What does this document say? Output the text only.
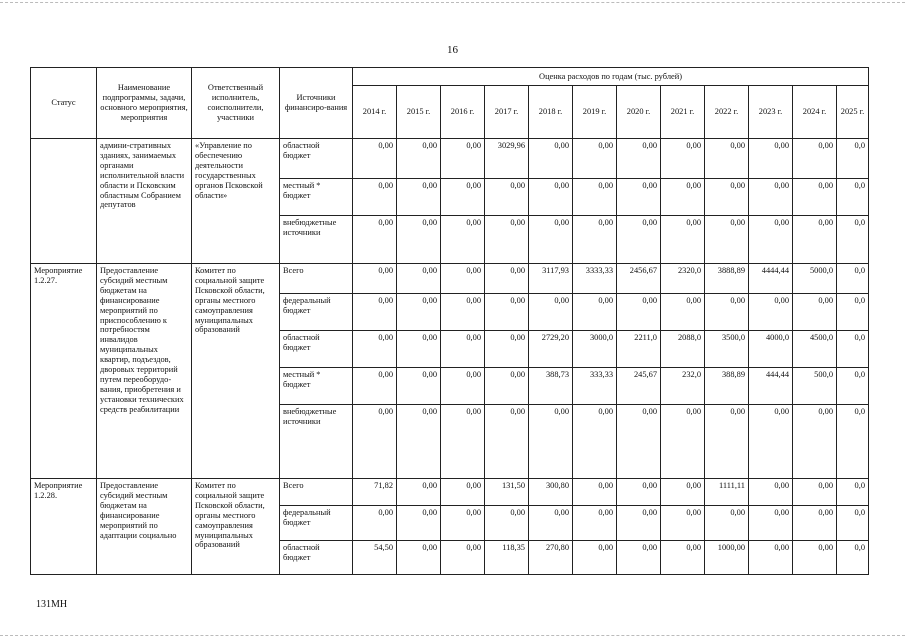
16
Статус	Наименование подпрограммы, задачи, основного мероприятия, мероприятия	Ответственный исполнитель, соисполнители, участники	Источники финансиро-вания	Оценка расходов по годам (тыс. рублей)											
				2014 г.	2015 г.	2016 г.	2017 г.	2018 г.	2019 г.	2020 г.	2021 г.	2022 г.	2023 г.	2024 г.	2025 г.
	админи-стративных зданиях, занимаемых органами исполнительной власти области и Псковским областным Собранием депутатов	«Управление по обеспечению деятельности государственных органов Псковской области»	областной бюджет	0,00	0,00	0,00	3029,96	0,00	0,00	0,00	0,00	0,00	0,00	0,00	0,0
			местный * бюджет	0,00	0,00	0,00	0,00	0,00	0,00	0,00	0,00	0,00	0,00	0,00	0,0
			внебюджетные источники	0,00	0,00	0,00	0,00	0,00	0,00	0,00	0,00	0,00	0,00	0,00	0,0
Мероприятие 1.2.27.	Предоставление субсидий местным бюджетам на финансирование мероприятий по приспособлению к потребностям инвалидов муниципальных квартир, подъездов, дворовых территорий путем переоборудо-вания, приобретения и установки технических средств реабилитации	Комитет по социальной защите Псковской области, органы местного самоуправления муниципальных образований	Всего	0,00	0,00	0,00	0,00	3117,93	3333,33	2456,67	2320,0	3888,89	4444,44	5000,0	0,0
			федеральный бюджет	0,00	0,00	0,00	0,00	0,00	0,00	0,00	0,00	0,00	0,00	0,00	0,0
			областной бюджет	0,00	0,00	0,00	0,00	2729,20	3000,0	2211,0	2088,0	3500,0	4000,0	4500,0	0,0
			местный * бюджет	0,00	0,00	0,00	0,00	388,73	333,33	245,67	232,0	388,89	444,44	500,0	0,0
			внебюджетные источники	0,00	0,00	0,00	0,00	0,00	0,00	0,00	0,00	0,00	0,00	0,00	0,0
Мероприятие 1.2.28.	Предоставление субсидий местным бюджетам на финансирование мероприятий по адаптации социально	Комитет по социальной защите Псковской области, органы местного самоуправления муниципальных образований	Всего	71,82	0,00	0,00	131,50	300,80	0,00	0,00	0,00	1111,11	0,00	0,00	0,0
			федеральный бюджет	0,00	0,00	0,00	0,00	0,00	0,00	0,00	0,00	0,00	0,00	0,00	0,0
			областной бюджет	54,50	0,00	0,00	118,35	270,80	0,00	0,00	0,00	1000,00	0,00	0,00	0,0
131МН
